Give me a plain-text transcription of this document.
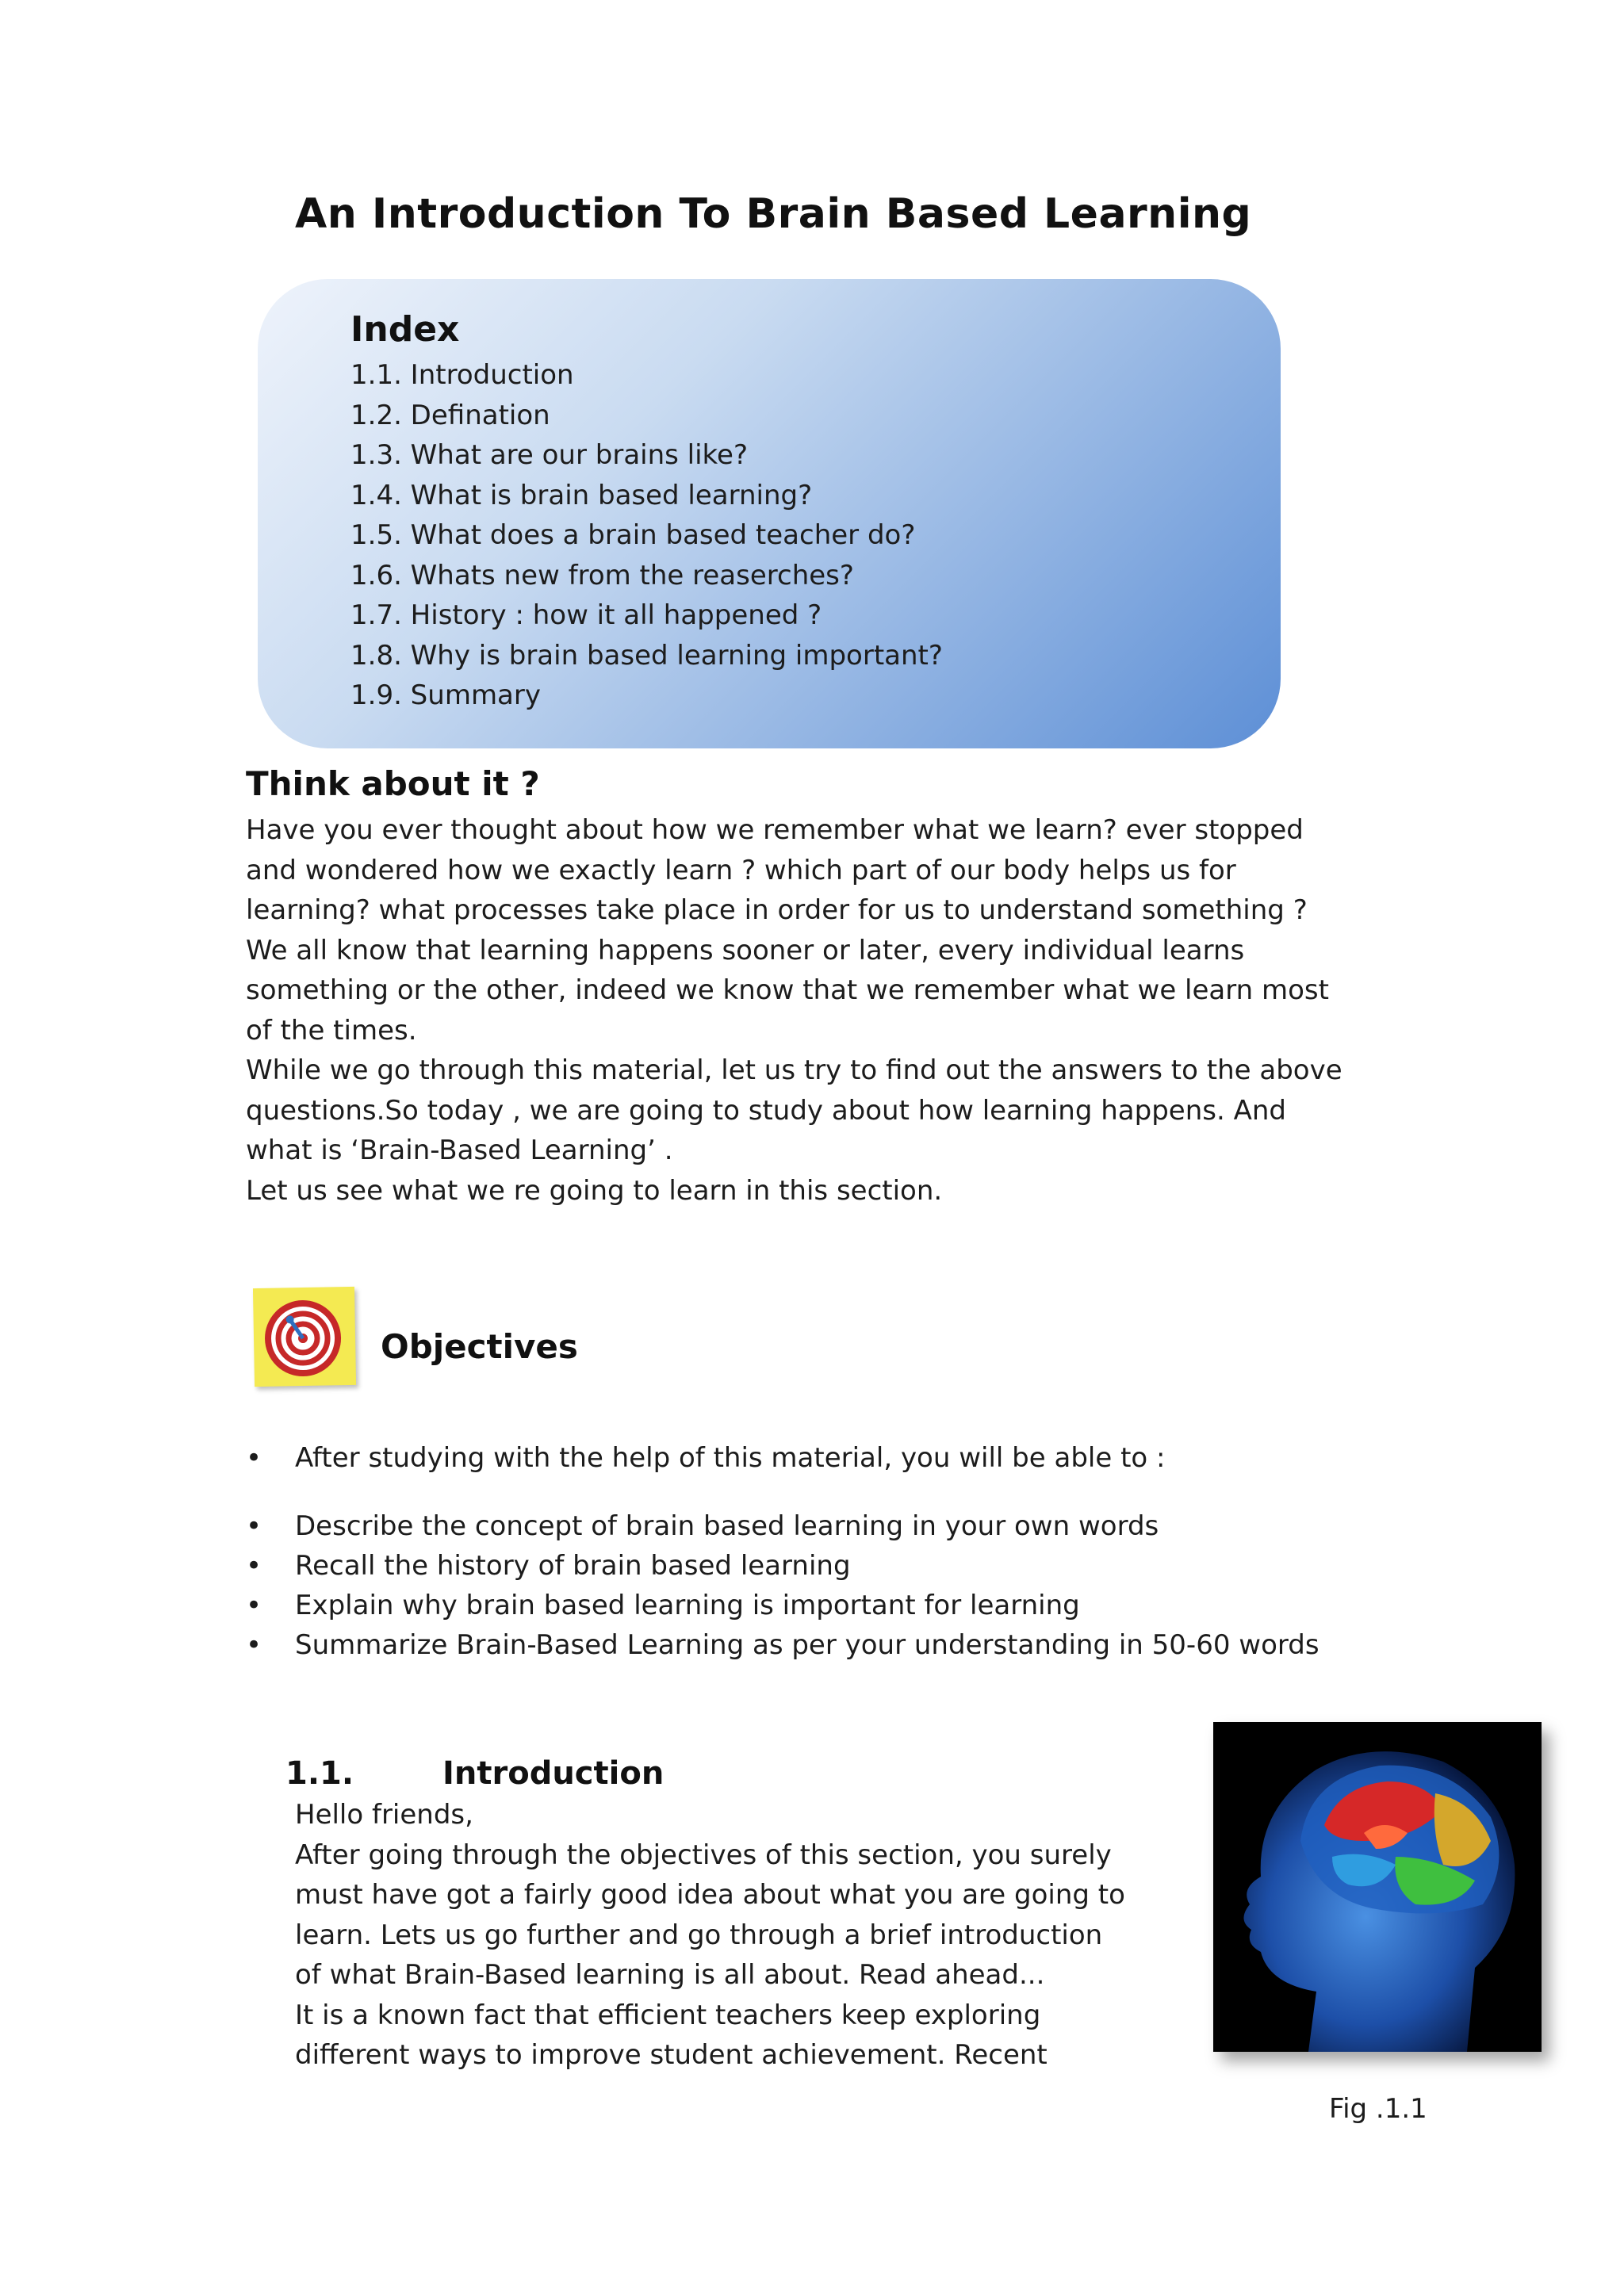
An Introduction To Brain Based Learning
Index
1.1. Introduction
1.2. Defination
1.3. What are our brains like?
1.4. What is brain based learning?
1.5. What does a brain based teacher do?
1.6. Whats new from the reaserches?
1.7. History : how it all happened ?
1.8. Why is brain based learning important?
1.9. Summary
Think about it ?
Have you ever thought about how we remember what we learn? ever stopped
and wondered how we exactly learn ? which part of our body helps us for
learning? what processes take place in order for us to understand something ?
We all know that learning happens sooner or later, every individual learns
something or the other, indeed we know that we remember what we learn most
of the times.
While we go through this material, let us try to find out the answers to the above
questions.So today , we are going to study about how learning happens. And
what is ‘Brain-Based Learning’ .
Let us see what we re going to learn in this section.
Objectives
• After studying with the help of this material, you will be able to :
• Describe the concept of brain based learning in your own words
• Recall the history of brain based learning
• Explain why brain based learning is important for learning
• Summarize Brain-Based Learning as per your understanding in 50-60 words
1.1.	Introduction
Hello friends,
After going through the objectives of this section, you surely
must have got a fairly good idea about what you are going to
learn. Lets us go further and go through a brief introduction
of what Brain-Based learning is all about. Read ahead...
It is a known fact that efficient teachers keep exploring
different ways to improve student achievement. Recent
Fig .1.1
